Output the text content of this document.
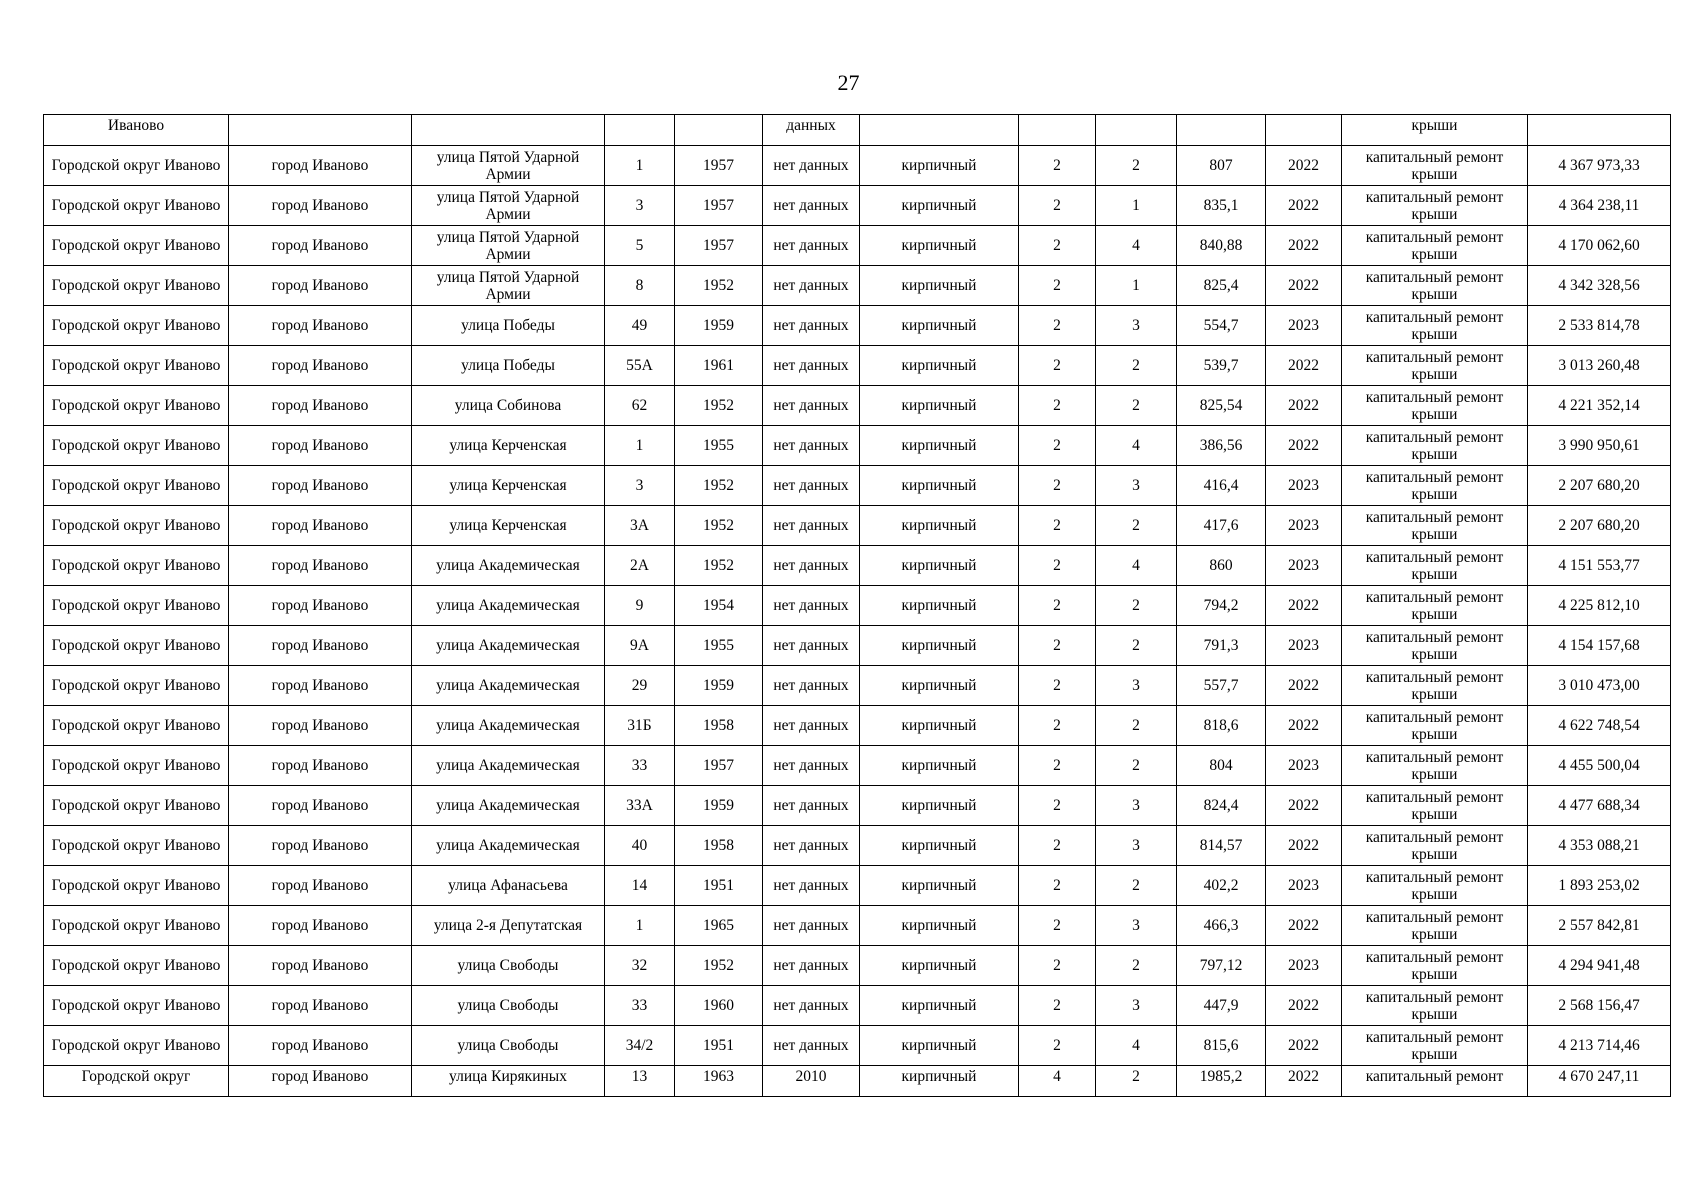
27
Иваново					данных						крыши	

Городской округ Иваново	город Иваново	улица Пятой Ударной Армии	1	1957	нет данных	кирпичный	2	2	807	2022	капитальный ремонт крыши	4 367 973,33

Городской округ Иваново	город Иваново	улица Пятой Ударной Армии	3	1957	нет данных	кирпичный	2	1	835,1	2022	капитальный ремонт крыши	4 364 238,11

Городской округ Иваново	город Иваново	улица Пятой Ударной Армии	5	1957	нет данных	кирпичный	2	4	840,88	2022	капитальный ремонт крыши	4 170 062,60

Городской округ Иваново	город Иваново	улица Пятой Ударной Армии	8	1952	нет данных	кирпичный	2	1	825,4	2022	капитальный ремонт крыши	4 342 328,56

Городской округ Иваново	город Иваново	улица Победы	49	1959	нет данных	кирпичный	2	3	554,7	2023	капитальный ремонт крыши	2 533 814,78

Городской округ Иваново	город Иваново	улица Победы	55А	1961	нет данных	кирпичный	2	2	539,7	2022	капитальный ремонт крыши	3 013 260,48

Городской округ Иваново	город Иваново	улица Собинова	62	1952	нет данных	кирпичный	2	2	825,54	2022	капитальный ремонт крыши	4 221 352,14

Городской округ Иваново	город Иваново	улица Керченская	1	1955	нет данных	кирпичный	2	4	386,56	2022	капитальный ремонт крыши	3 990 950,61

Городской округ Иваново	город Иваново	улица Керченская	3	1952	нет данных	кирпичный	2	3	416,4	2023	капитальный ремонт крыши	2 207 680,20

Городской округ Иваново	город Иваново	улица Керченская	3А	1952	нет данных	кирпичный	2	2	417,6	2023	капитальный ремонт крыши	2 207 680,20

Городской округ Иваново	город Иваново	улица Академическая	2А	1952	нет данных	кирпичный	2	4	860	2023	капитальный ремонт крыши	4 151 553,77

Городской округ Иваново	город Иваново	улица Академическая	9	1954	нет данных	кирпичный	2	2	794,2	2022	капитальный ремонт крыши	4 225 812,10

Городской округ Иваново	город Иваново	улица Академическая	9А	1955	нет данных	кирпичный	2	2	791,3	2023	капитальный ремонт крыши	4 154 157,68

Городской округ Иваново	город Иваново	улица Академическая	29	1959	нет данных	кирпичный	2	3	557,7	2022	капитальный ремонт крыши	3 010 473,00

Городской округ Иваново	город Иваново	улица Академическая	31Б	1958	нет данных	кирпичный	2	2	818,6	2022	капитальный ремонт крыши	4 622 748,54

Городской округ Иваново	город Иваново	улица Академическая	33	1957	нет данных	кирпичный	2	2	804	2023	капитальный ремонт крыши	4 455 500,04

Городской округ Иваново	город Иваново	улица Академическая	33А	1959	нет данных	кирпичный	2	3	824,4	2022	капитальный ремонт крыши	4 477 688,34

Городской округ Иваново	город Иваново	улица Академическая	40	1958	нет данных	кирпичный	2	3	814,57	2022	капитальный ремонт крыши	4 353 088,21

Городской округ Иваново	город Иваново	улица Афанасьева	14	1951	нет данных	кирпичный	2	2	402,2	2023	капитальный ремонт крыши	1 893 253,02

Городской округ Иваново	город Иваново	улица 2-я Депутатская	1	1965	нет данных	кирпичный	2	3	466,3	2022	капитальный ремонт крыши	2 557 842,81

Городской округ Иваново	город Иваново	улица Свободы	32	1952	нет данных	кирпичный	2	2	797,12	2023	капитальный ремонт крыши	4 294 941,48

Городской округ Иваново	город Иваново	улица Свободы	33	1960	нет данных	кирпичный	2	3	447,9	2022	капитальный ремонт крыши	2 568 156,47

Городской округ Иваново	город Иваново	улица Свободы	34/2	1951	нет данных	кирпичный	2	4	815,6	2022	капитальный ремонт крыши	4 213 714,46

Городской округ	город Иваново	улица Кирякиных	13	1963	2010	кирпичный	4	2	1985,2	2022	капитальный ремонт	4 670 247,11
